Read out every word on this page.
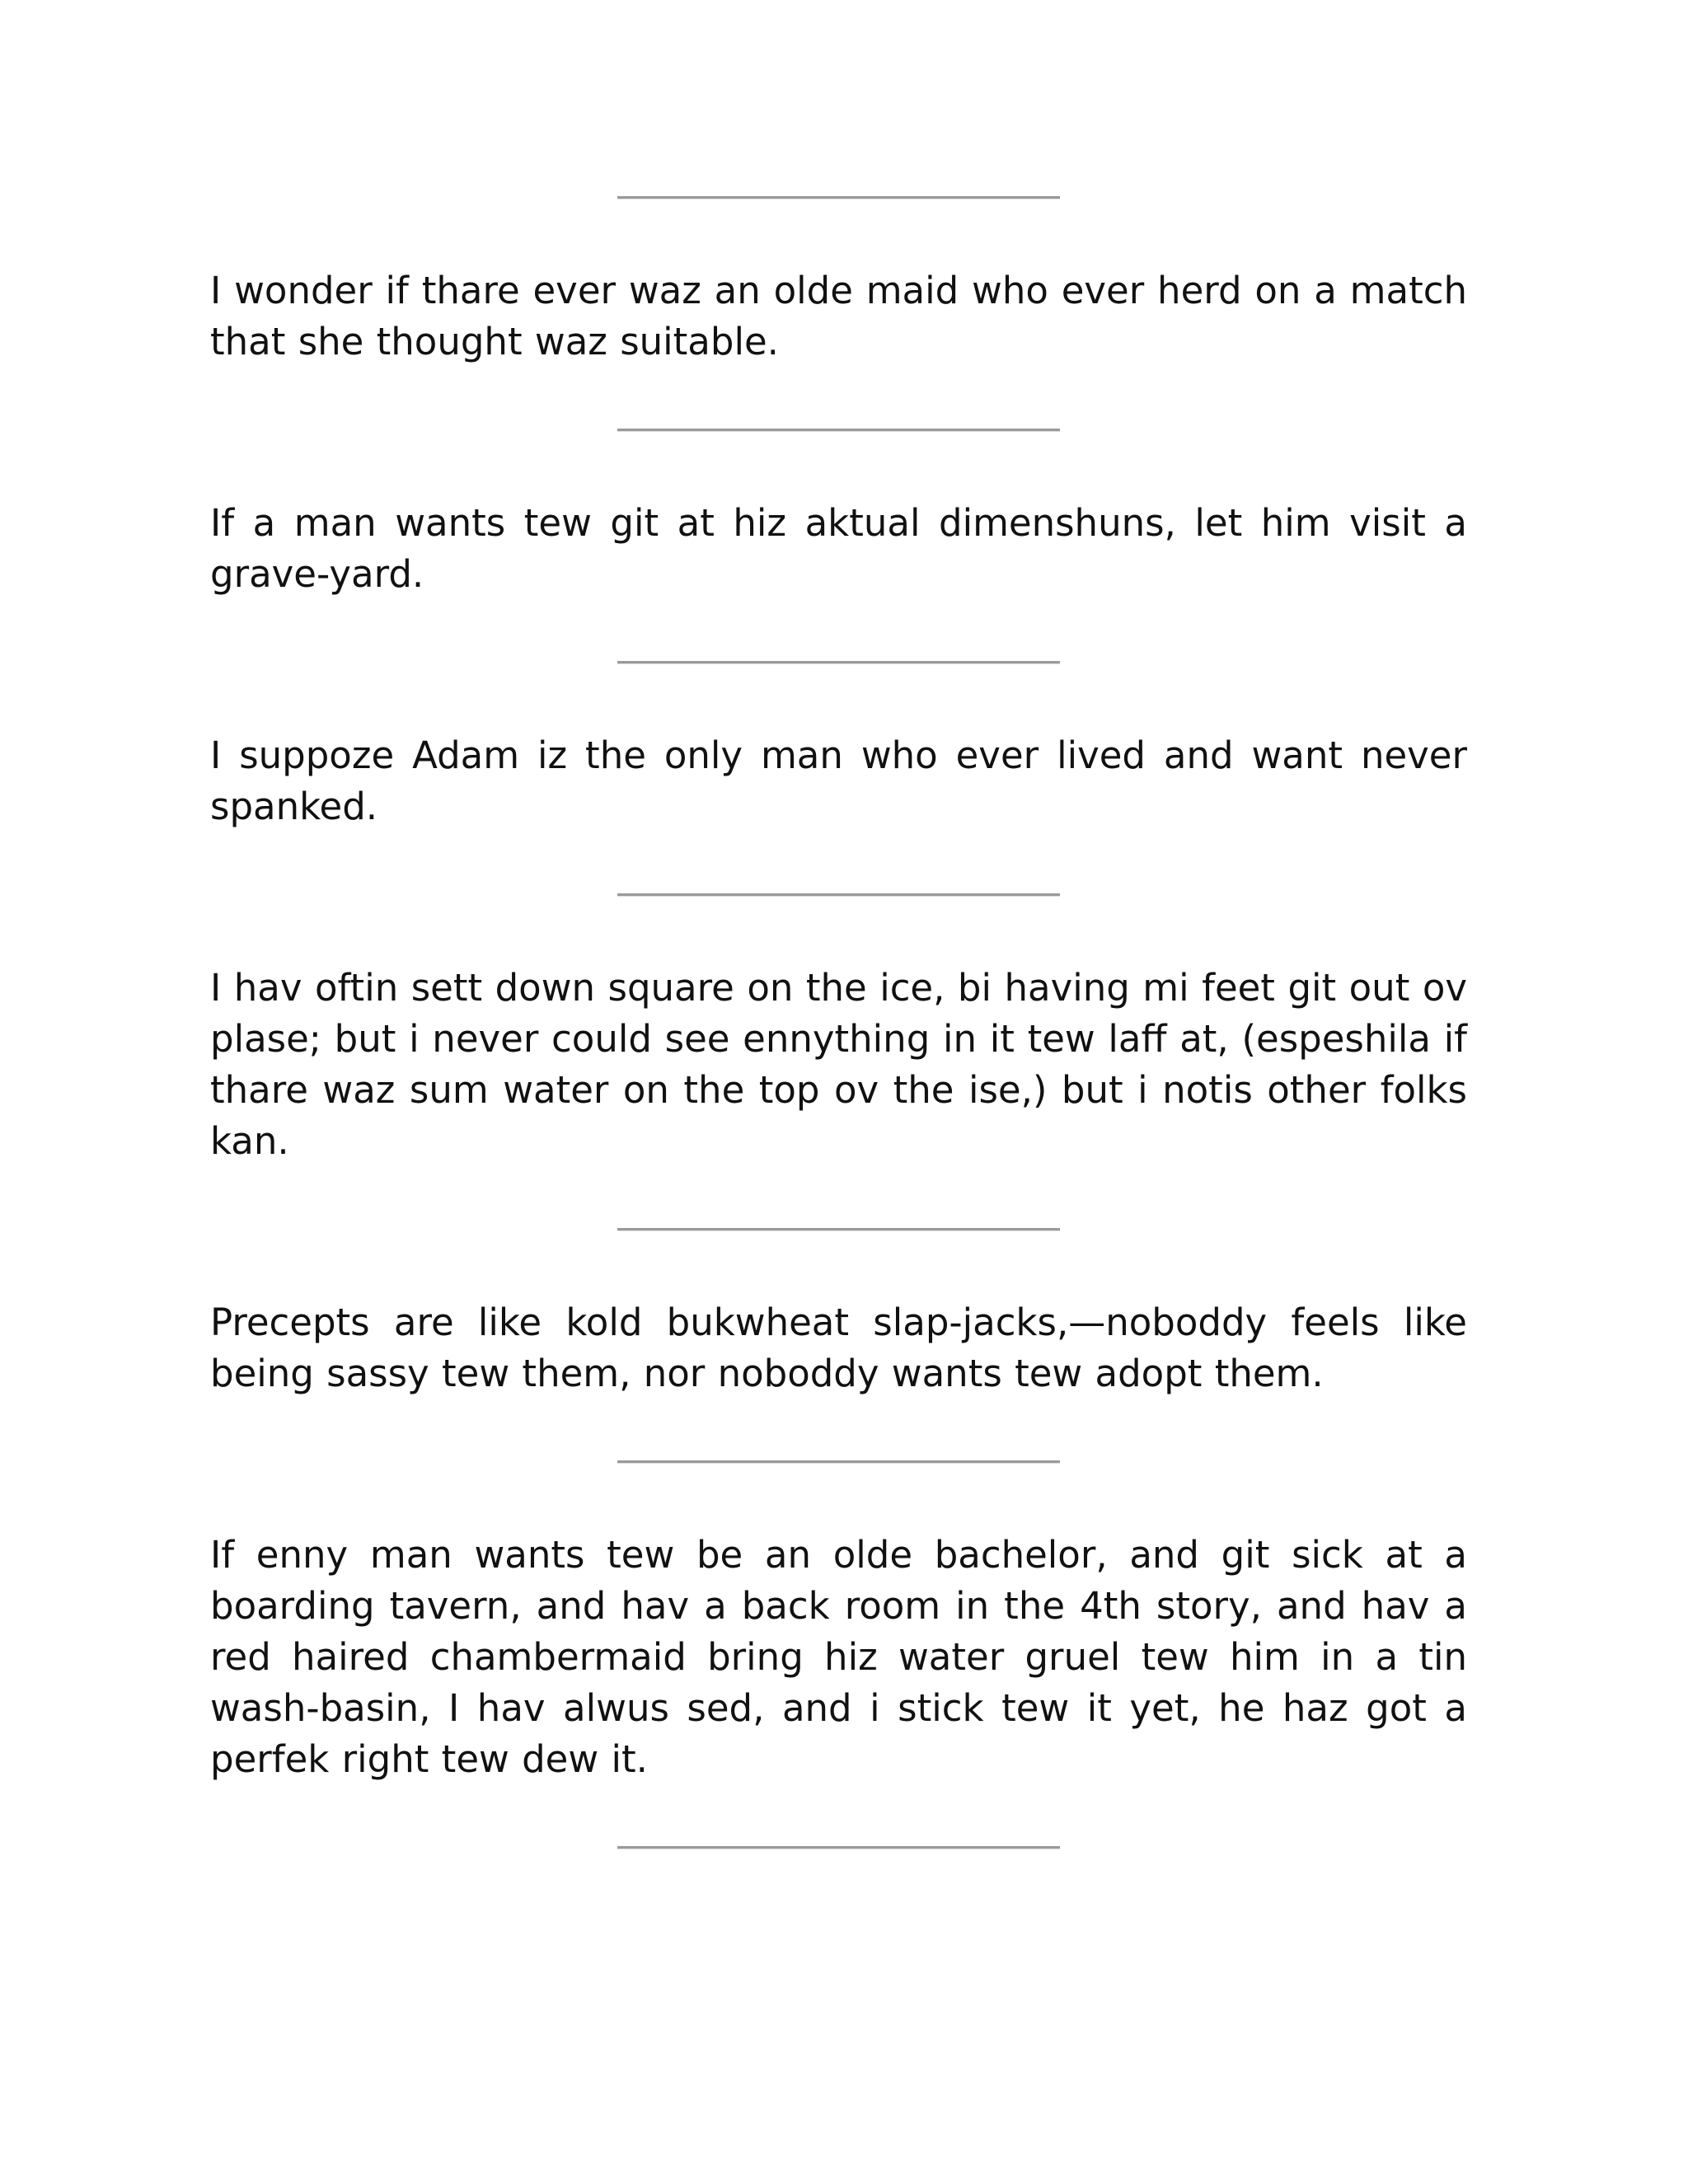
I wonder if thare ever waz an olde maid who ever herd on a match that she thought waz suitable.

If a man wants tew git at hiz aktual dimenshuns, let him visit a grave-yard.

I suppoze Adam iz the only man who ever lived and want never spanked.

I hav oftin sett down square on the ice, bi having mi feet git out ov plase; but i never could see ennything in it tew laff at, (espeshila if thare waz sum water on the top ov the ise,) but i notis other folks kan.

Precepts are like kold bukwheat slap-jacks,—noboddy feels like being sassy tew them, nor noboddy wants tew adopt them.

If enny man wants tew be an olde bachelor, and git sick at a boarding tavern, and hav a back room in the 4th story, and hav a red haired chambermaid bring hiz water gruel tew him in a tin wash-basin, I hav alwus sed, and i stick tew it yet, he haz got a perfek right tew dew it.
